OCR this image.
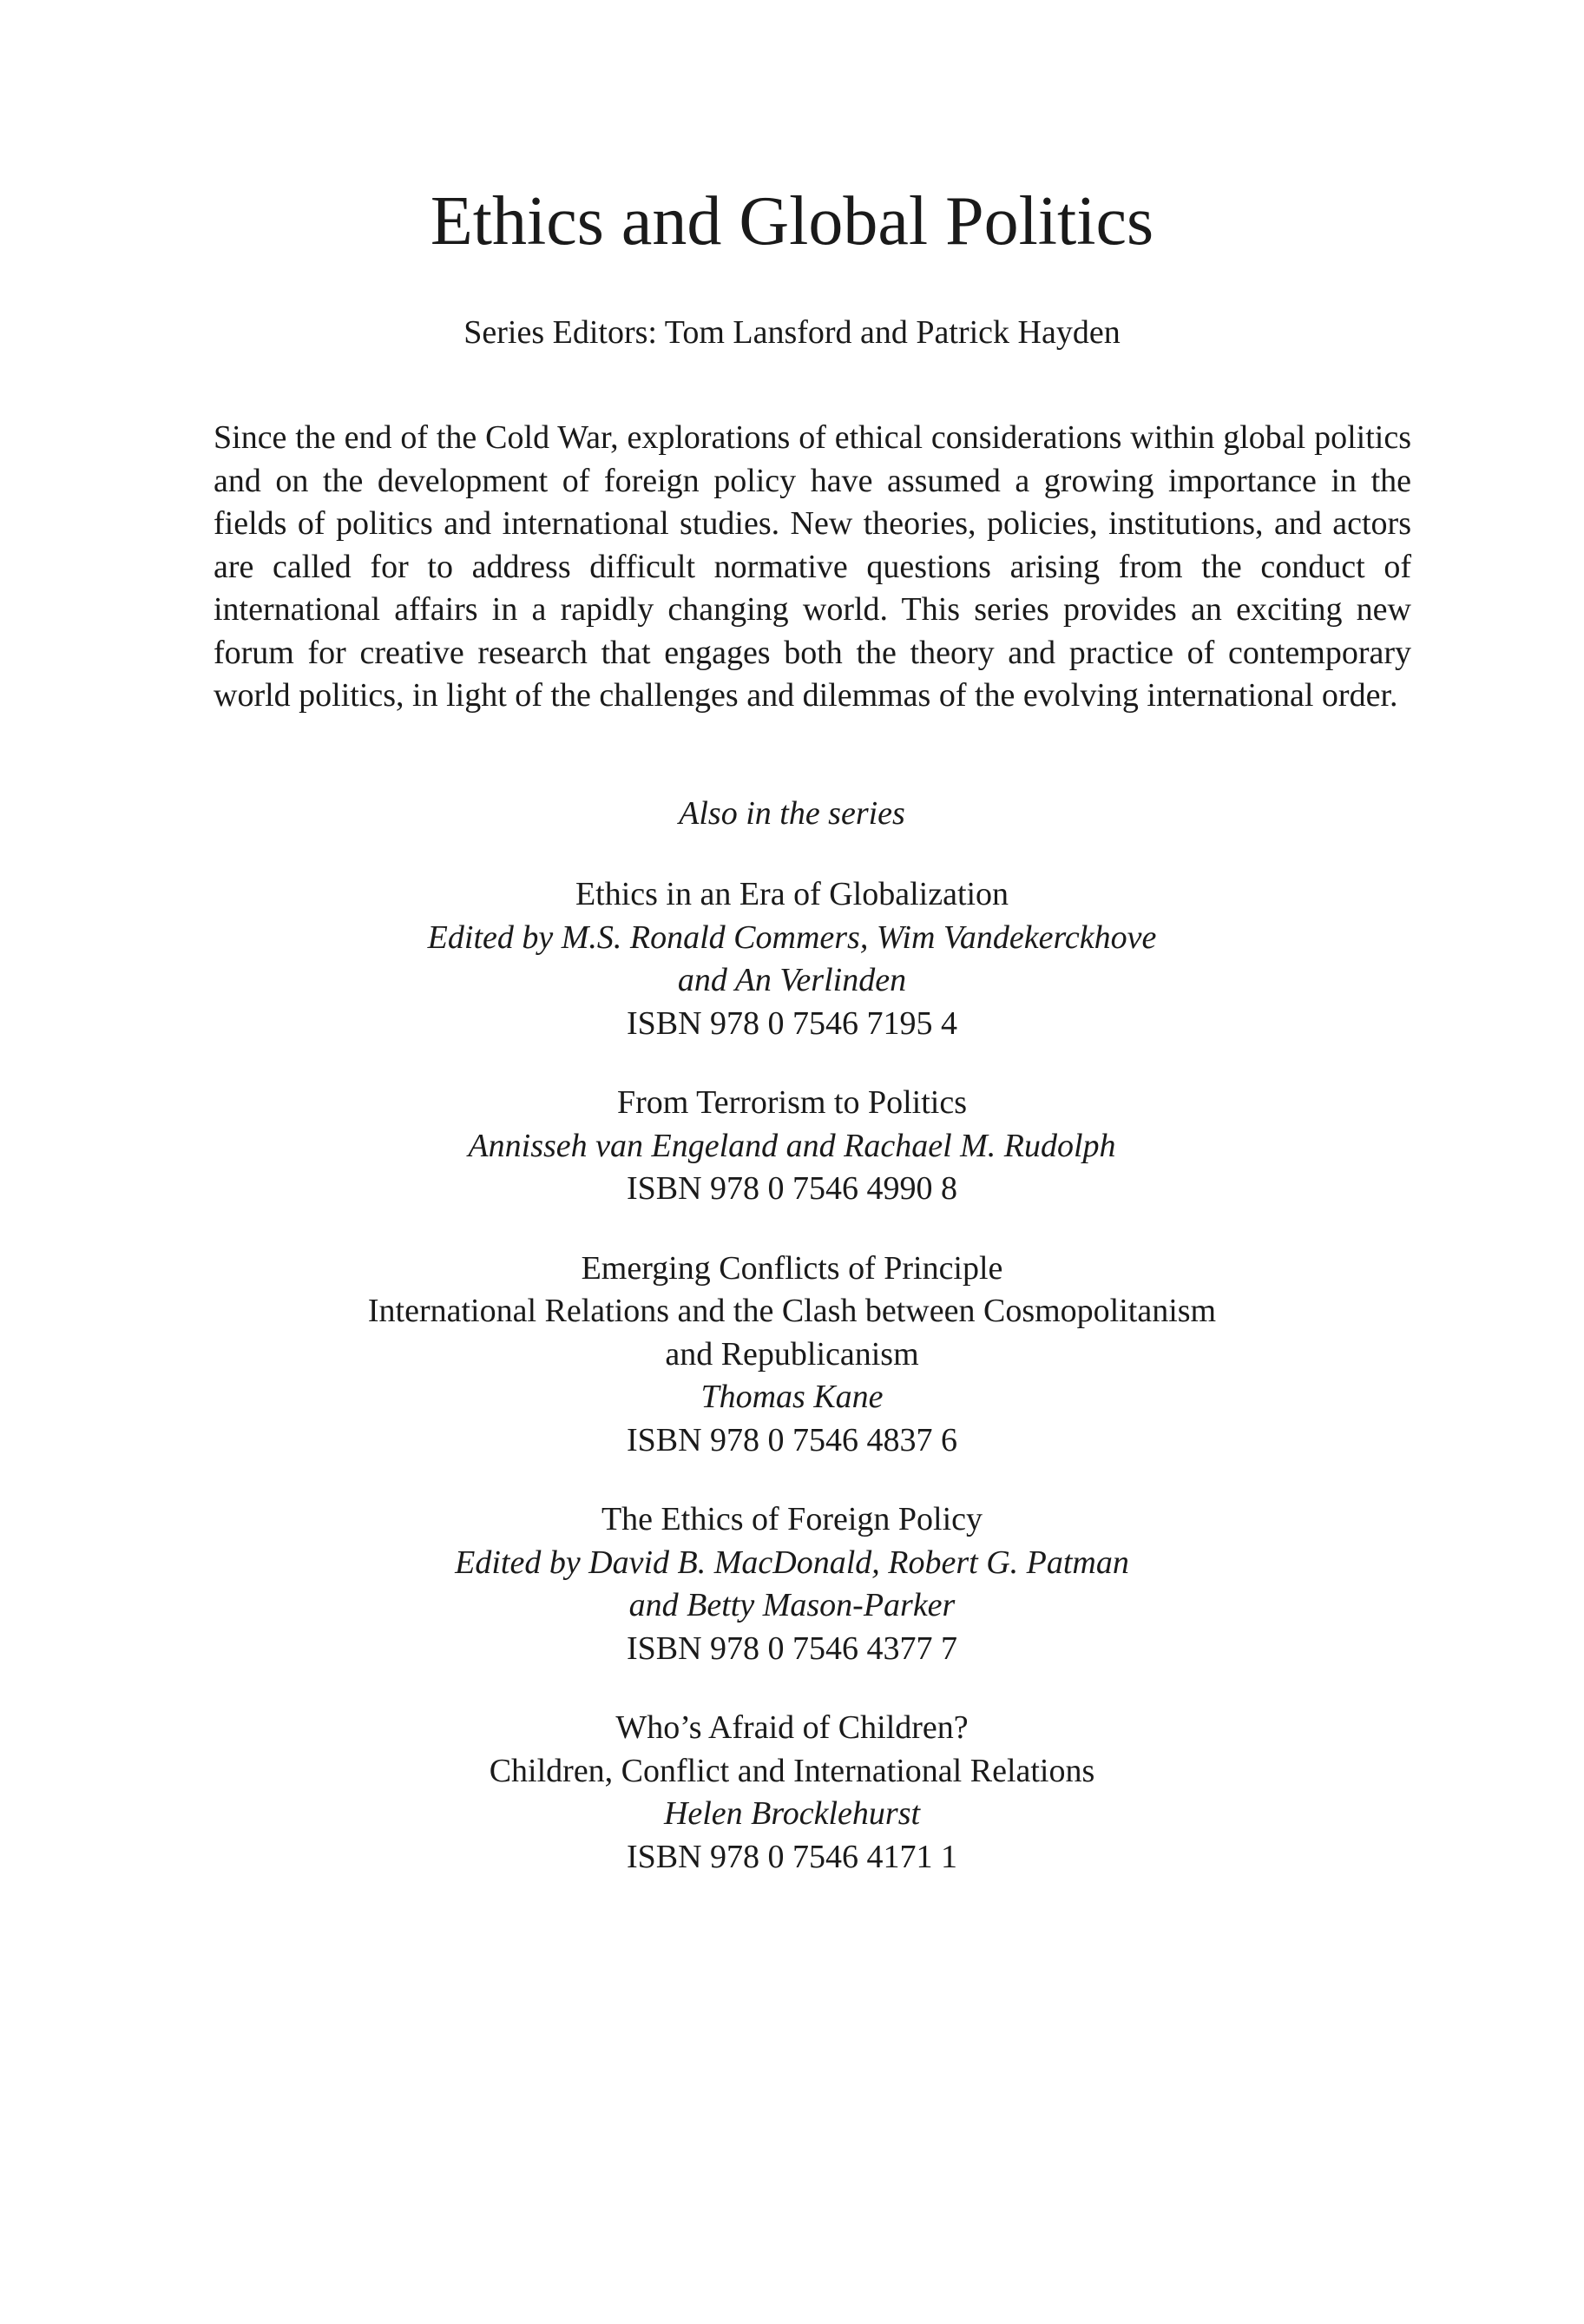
Ethics and Global Politics
Series Editors: Tom Lansford and Patrick Hayden

Since the end of the Cold War, explorations of ethical considerations within global politics and on the development of foreign policy have assumed a growing importance in the fields of politics and international studies. New theories, policies, institutions, and actors are called for to address difficult normative questions arising from the conduct of international affairs in a rapidly changing world. This series provides an exciting new forum for creative research that engages both the theory and practice of contemporary world politics, in light of the challenges and dilemmas of the evolving international order.

Also in the series
Ethics in an Era of Globalization
Edited by M.S. Ronald Commers, Wim Vandekerckhove
and An Verlinden
ISBN 978 0 7546 7195 4
From Terrorism to Politics
Annisseh van Engeland and Rachael M. Rudolph
ISBN 978 0 7546 4990 8
Emerging Conflicts of Principle
International Relations and the Clash between Cosmopolitanism
and Republicanism
Thomas Kane
ISBN 978 0 7546 4837 6
The Ethics of Foreign Policy
Edited by David B. MacDonald, Robert G. Patman
and Betty Mason-Parker
ISBN 978 0 7546 4377 7
Who’s Afraid of Children?
Children, Conflict and International Relations
Helen Brocklehurst
ISBN 978 0 7546 4171 1
